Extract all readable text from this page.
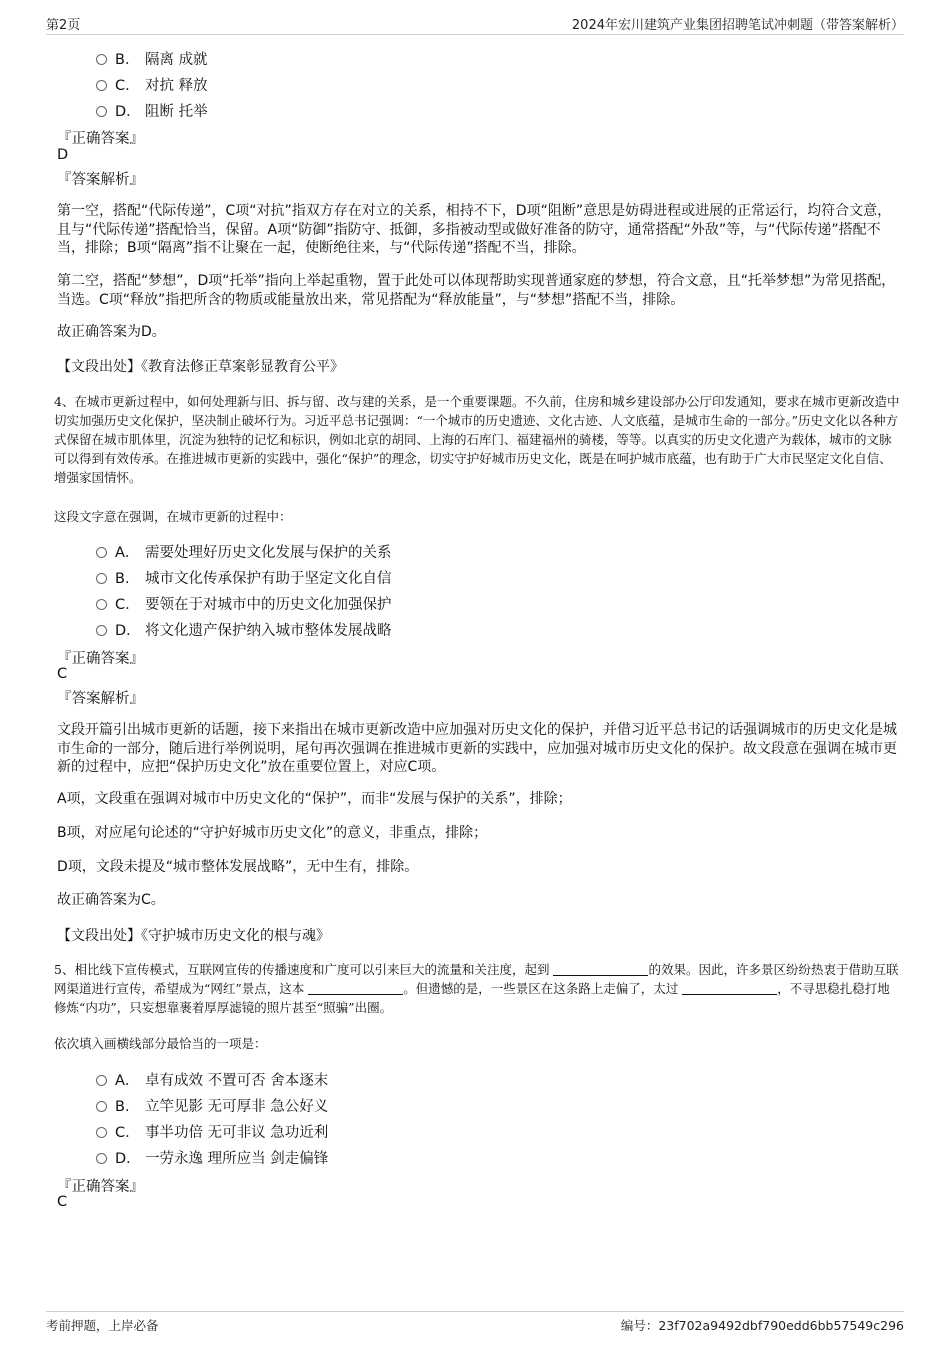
第2页	2024年宏川建筑产业集团招聘笔试冲刺题（带答案解析）
B． 隔离 成就
C． 对抗 释放
D． 阻断 托举
『正确答案』
D
『答案解析』
第一空，搭配“代际传递”，C项“对抗”指双方存在对立的关系，相持不下，D项“阻断”意思是妨碍进程或进展的正常运行，均符合文意，且与“代际传递”搭配恰当，保留。A项“防御”指防守、抵御，多指被动型或做好准备的防守，通常搭配“外敌”等，与“代际传递”搭配不当，排除；B项“隔离”指不让聚在一起，使断绝往来，与“代际传递”搭配不当，排除。
第二空，搭配“梦想”，D项“托举”指向上举起重物，置于此处可以体现帮助实现普通家庭的梦想，符合文意，且“托举梦想”为常见搭配，当选。C项“释放”指把所含的物质或能量放出来，常见搭配为“释放能量”，与“梦想”搭配不当，排除。
故正确答案为D。
【文段出处】《教育法修正草案彰显教育公平》
4、在城市更新过程中，如何处理新与旧、拆与留、改与建的关系，是一个重要课题。不久前，住房和城乡建设部办公厅印发通知，要求在城市更新改造中切实加强历史文化保护，坚决制止破坏行为。习近平总书记强调：“一个城市的历史遗迹、文化古迹、人文底蕴，是城市生命的一部分。”历史文化以各种方式保留在城市肌体里，沉淀为独特的记忆和标识，例如北京的胡同、上海的石库门、福建福州的骑楼，等等。以真实的历史文化遗产为载体，城市的文脉可以得到有效传承。在推进城市更新的实践中，强化“保护”的理念，切实守护好城市历史文化，既是在呵护城市底蕴，也有助于广大市民坚定文化自信、增强家国情怀。
这段文字意在强调，在城市更新的过程中：
A． 需要处理好历史文化发展与保护的关系
B． 城市文化传承保护有助于坚定文化自信
C． 要领在于对城市中的历史文化加强保护
D． 将文化遗产保护纳入城市整体发展战略
『正确答案』
C
『答案解析』
文段开篇引出城市更新的话题，接下来指出在城市更新改造中应加强对历史文化的保护，并借习近平总书记的话强调城市的历史文化是城市生命的一部分，随后进行举例说明，尾句再次强调在推进城市更新的实践中，应加强对城市历史文化的保护。故文段意在强调在城市更新的过程中，应把“保护历史文化”放在重要位置上，对应C项。
A项，文段重在强调对城市中历史文化的“保护”，而非“发展与保护的关系”，排除；
B项，对应尾句论述的“守护好城市历史文化”的意义，非重点，排除；
D项，文段未提及“城市整体发展战略”，无中生有，排除。
故正确答案为C。
【文段出处】《守护城市历史文化的根与魂》
5、相比线下宣传模式，互联网宣传的传播速度和广度可以引来巨大的流量和关注度，起到	的效果。因此，许多景区纷纷热衷于借助互联网渠道进行宣传，希望成为“网红”景点，这本	。但遗憾的是，一些景区在这条路上走偏了，太过	，不寻思稳扎稳打地修炼“内功”，只妄想靠裹着厚厚滤镜的照片甚至“照骗”出圈。
依次填入画横线部分最恰当的一项是：
A． 卓有成效 不置可否 舍本逐末
B． 立竿见影 无可厚非 急公好义
C． 事半功倍 无可非议 急功近利
D． 一劳永逸 理所应当 剑走偏锋
『正确答案』
C
考前押题，上岸必备	编号：23f702a9492dbf790edd6bb57549c296
